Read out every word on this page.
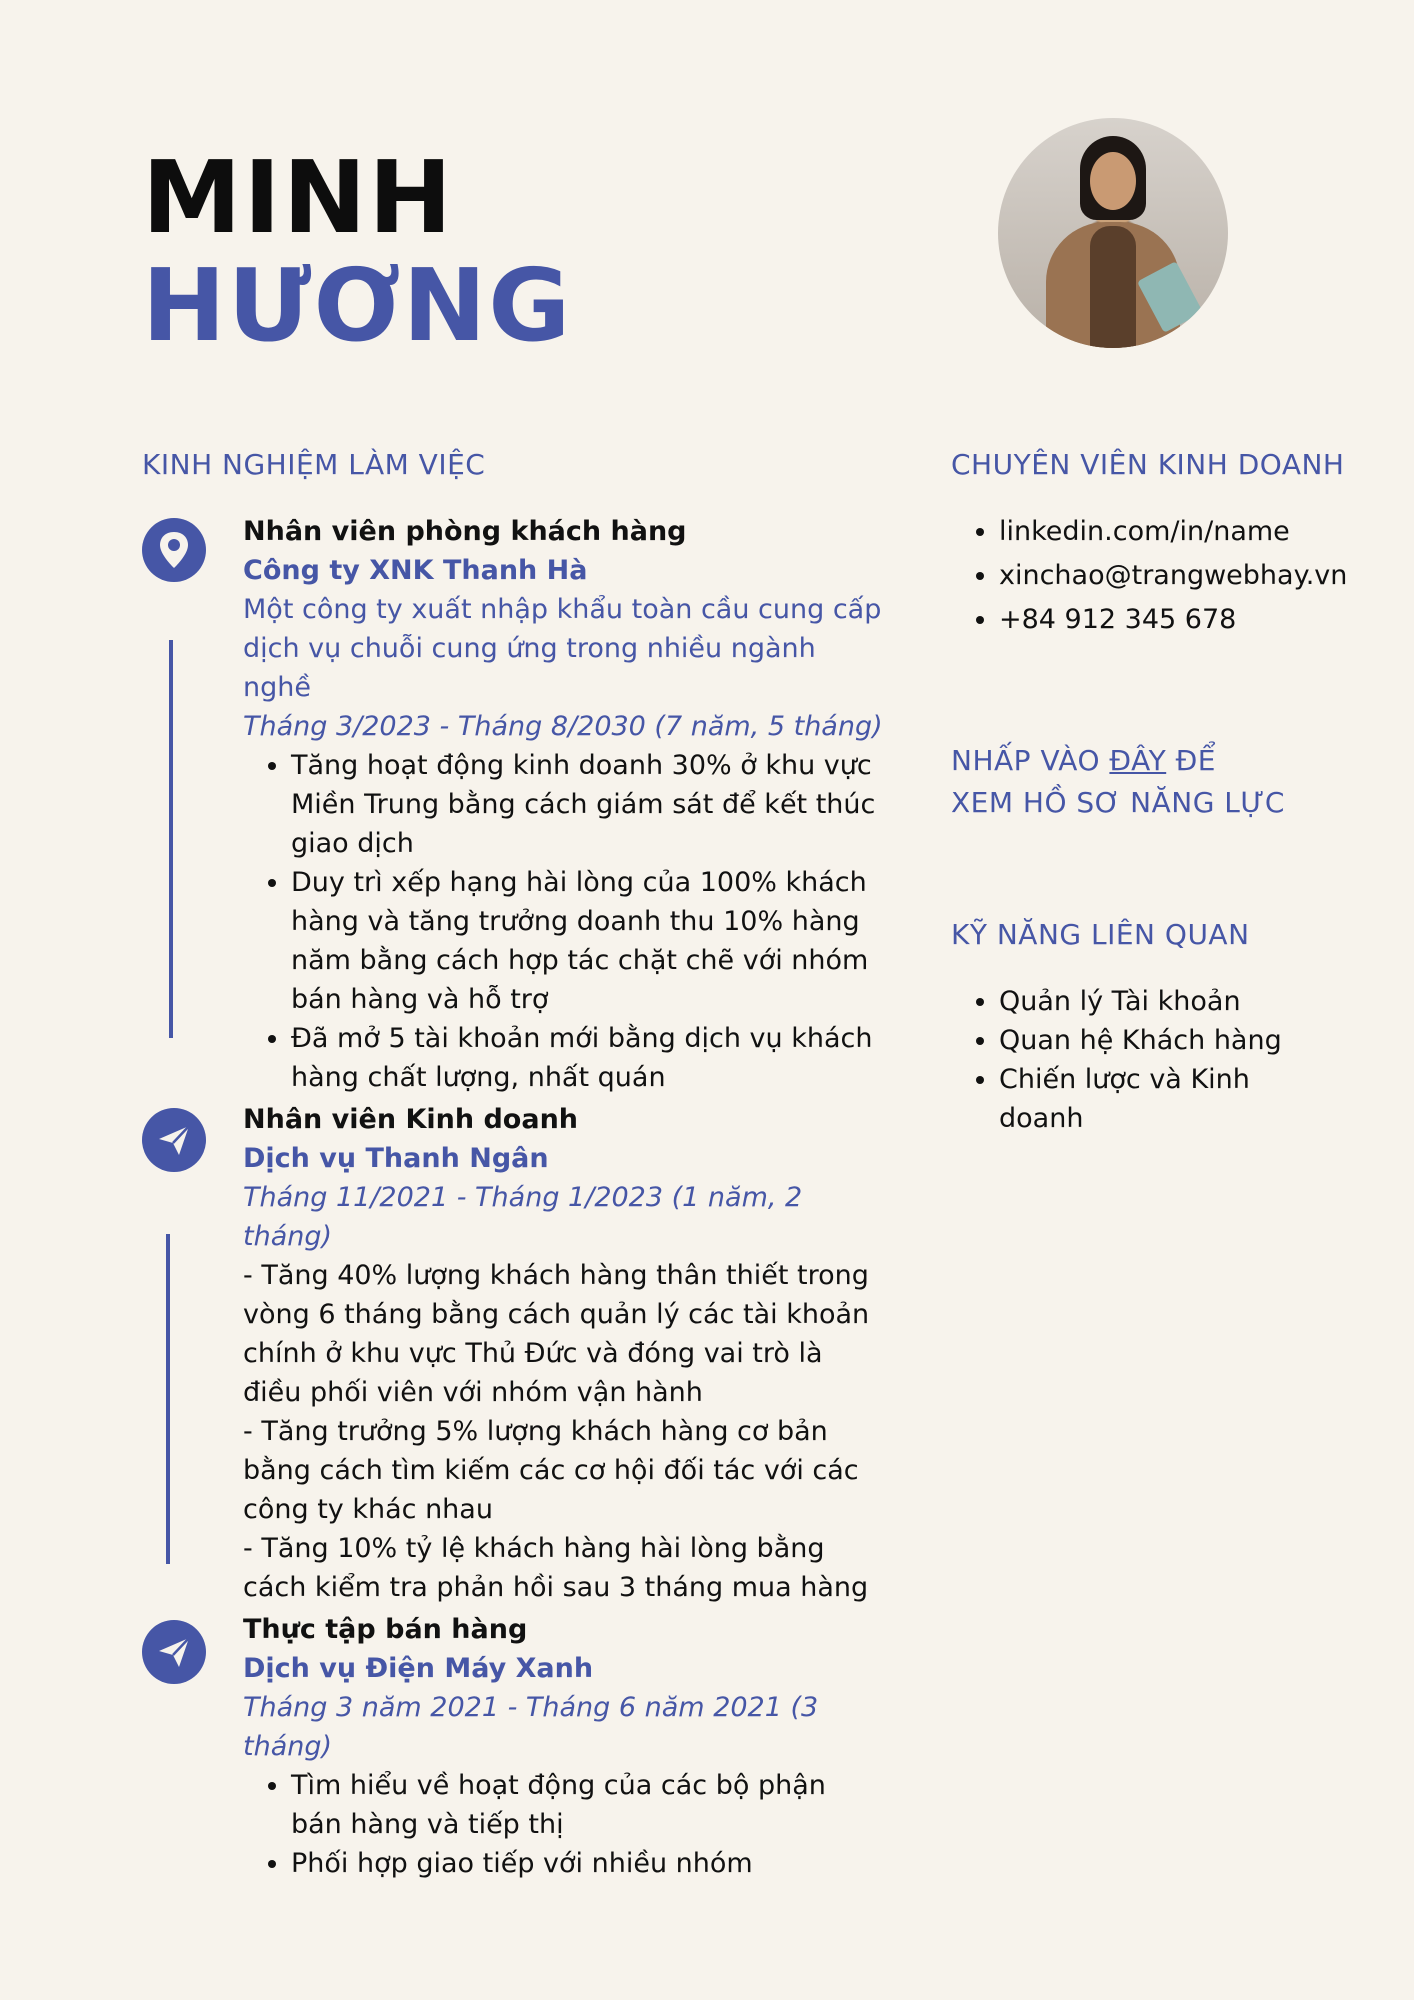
MINH
HƯƠNG
KINH NGHIỆM LÀM VIỆC
Nhân viên phòng khách hàng
Công ty XNK Thanh Hà
Một công ty xuất nhập khẩu toàn cầu cung cấp dịch vụ chuỗi cung ứng trong nhiều ngành nghề
Tháng 3/2023 - Tháng 8/2030 (7 năm, 5 tháng)
• Tăng hoạt động kinh doanh 30% ở khu vực Miền Trung bằng cách giám sát để kết thúc giao dịch
• Duy trì xếp hạng hài lòng của 100% khách hàng và tăng trưởng doanh thu 10% hàng năm bằng cách hợp tác chặt chẽ với nhóm bán hàng và hỗ trợ
• Đã mở 5 tài khoản mới bằng dịch vụ khách hàng chất lượng, nhất quán
Nhân viên Kinh doanh
Dịch vụ Thanh Ngân
Tháng 11/2021 - Tháng 1/2023 (1 năm, 2 tháng)
- Tăng 40% lượng khách hàng thân thiết trong vòng 6 tháng bằng cách quản lý các tài khoản chính ở khu vực Thủ Đức và đóng vai trò là điều phối viên với nhóm vận hành
- Tăng trưởng 5% lượng khách hàng cơ bản bằng cách tìm kiếm các cơ hội đối tác với các công ty khác nhau
- Tăng 10% tỷ lệ khách hàng hài lòng bằng cách kiểm tra phản hồi sau 3 tháng mua hàng
Thực tập bán hàng
Dịch vụ Điện Máy Xanh
Tháng 3 năm 2021 - Tháng 6 năm 2021 (3 tháng)
• Tìm hiểu về hoạt động của các bộ phận bán hàng và tiếp thị
• Phối hợp giao tiếp với nhiều nhóm
CHUYÊN VIÊN KINH DOANH
• linkedin.com/in/name
• xinchao@trangwebhay.vn
• +84 912 345 678
NHẤP VÀO ĐÂY ĐỂ
XEM HỒ SƠ NĂNG LỰC
KỸ NĂNG LIÊN QUAN
• Quản lý Tài khoản
• Quan hệ Khách hàng
• Chiến lược và Kinh doanh
